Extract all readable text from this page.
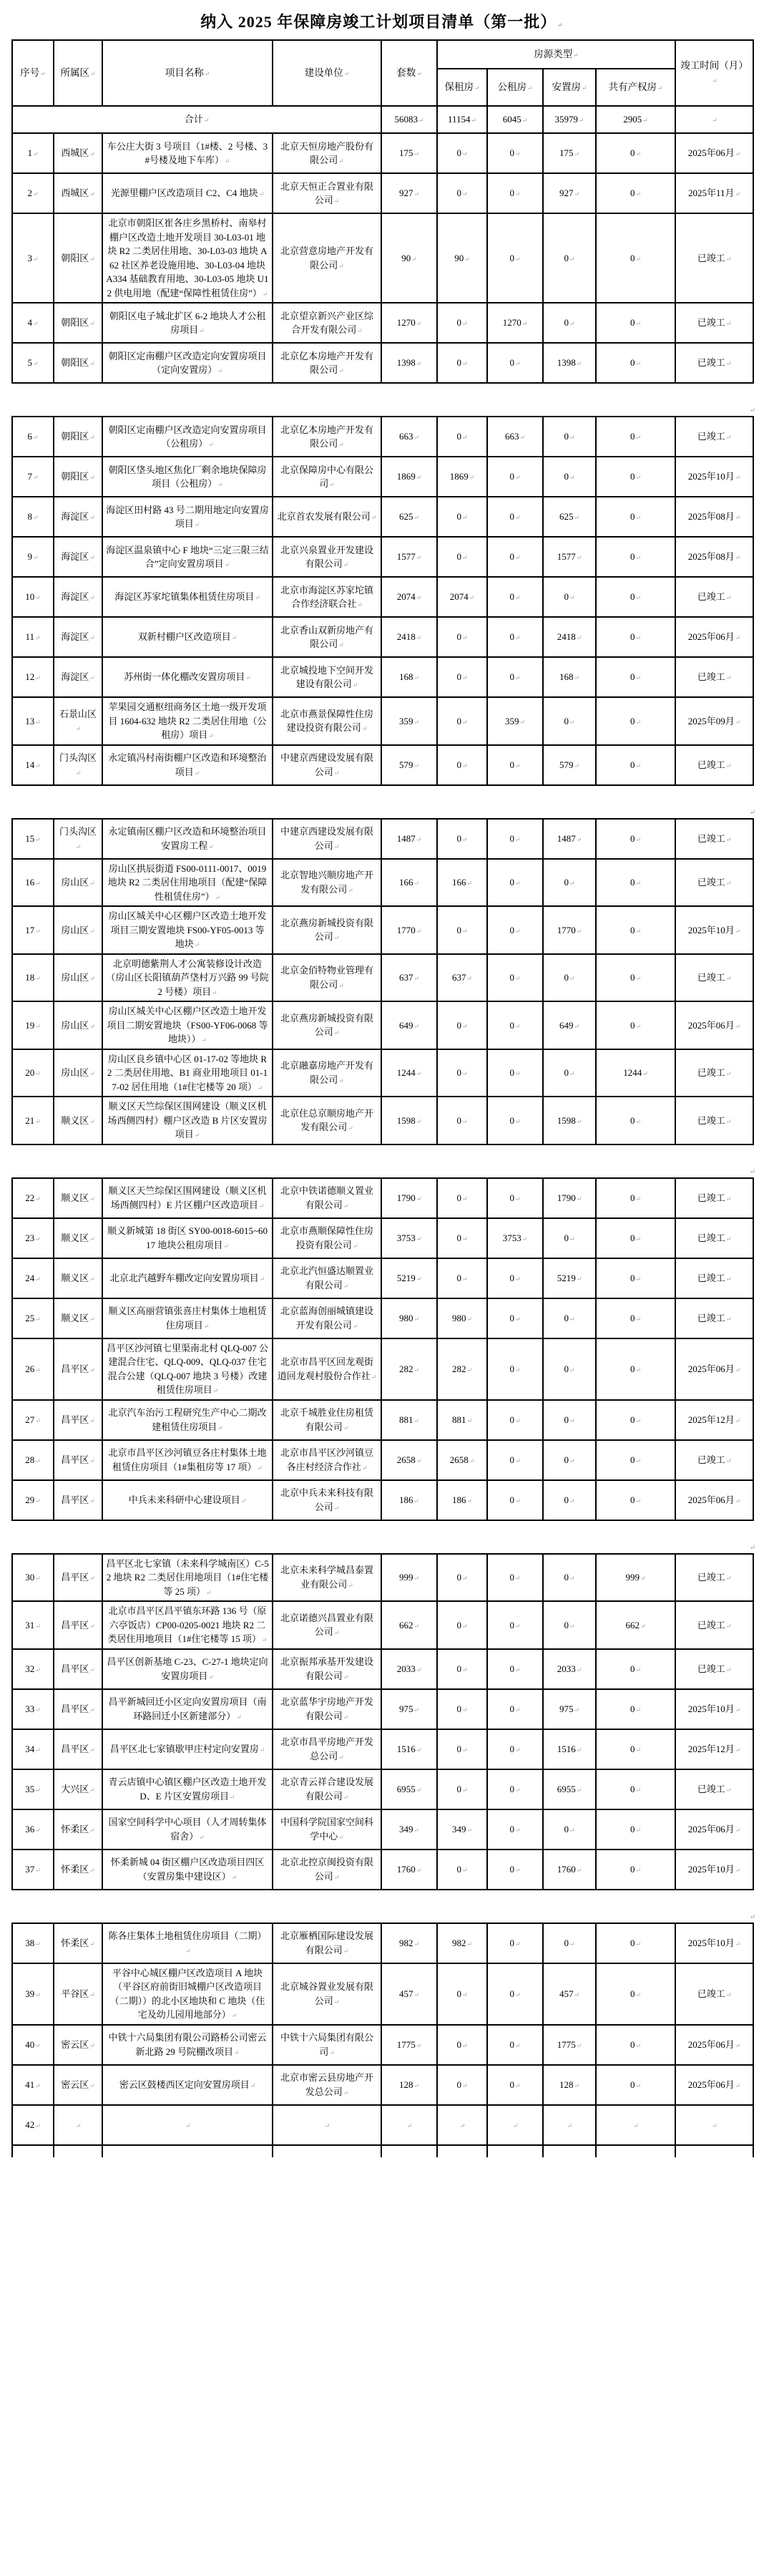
纳入 2025 年保障房竣工计划项目清单（第一批） ↵
序号 ↵	所属区 ↵	项目名称 ↵	建设单位 ↵	套数 ↵	房源类型 ↵				竣工时间（月） ↵
					保租房 ↵	公租房 ↵	安置房 ↵	共有产权房 ↵
合计 ↵				56083 ↵	11154 ↵	6045 ↵	35979 ↵	2905 ↵	↵
1 ↵	西城区 ↵	车公庄大街 3 号项目（1#楼、2 号楼、3#号楼及地下车库） ↵	北京天恒房地产股份有限公司 ↵	175 ↵	0 ↵	0 ↵	175 ↵	0 ↵	2025年06月 ↵
2 ↵	西城区 ↵	光源里棚户区改造项目 C2、C4 地块 ↵	北京天恒正合置业有限公司 ↵	927 ↵	0 ↵	0 ↵	927 ↵	0 ↵	2025年11月 ↵
3 ↵	朝阳区 ↵	北京市朝阳区崔各庄乡黑桥村、南皋村棚户区改造土地开发项目 30-L03-01 地块 R2 二类居住用地、30-L03-03 地块 A62 社区养老设施用地、30-L03-04 地块 A334 基础教育用地、30-L03-05 地块 U12 供电用地（配建“保障性租赁住房”） ↵	北京营意房地产开发有限公司 ↵	90 ↵	90 ↵	0 ↵	0 ↵	0 ↵	已竣工 ↵
4 ↵	朝阳区 ↵	朝阳区电子城北扩区 6-2 地块人才公租房项目 ↵	北京望京新兴产业区综合开发有限公司 ↵	1270 ↵	0 ↵	1270 ↵	0 ↵	0 ↵	已竣工 ↵
5 ↵	朝阳区 ↵	朝阳区定南棚户区改造定向安置房项目（定向安置房） ↵	北京亿本房地产开发有限公司 ↵	1398 ↵	0 ↵	0 ↵	1398 ↵	0 ↵	已竣工 ↵
↵
6 ↵	朝阳区 ↵	朝阳区定南棚户区改造定向安置房项目（公租房） ↵	北京亿本房地产开发有限公司 ↵	663 ↵	0 ↵	663 ↵	0 ↵	0 ↵	已竣工 ↵
7 ↵	朝阳区 ↵	朝阳区垡头地区焦化厂剩余地块保障房项目（公租房） ↵	北京保障房中心有限公司 ↵	1869 ↵	1869 ↵	0 ↵	0 ↵	0 ↵	2025年10月 ↵
8 ↵	海淀区 ↵	海淀区田村路 43 号二期用地定向安置房项目 ↵	北京首农发展有限公司 ↵	625 ↵	0 ↵	0 ↵	625 ↵	0 ↵	2025年08月 ↵
9 ↵	海淀区 ↵	海淀区温泉镇中心 F 地块“三定三限三结合”定向安置房项目 ↵	北京兴泉置业开发建设有限公司 ↵	1577 ↵	0 ↵	0 ↵	1577 ↵	0 ↵	2025年08月 ↵
10 ↵	海淀区 ↵	海淀区苏家坨镇集体租赁住房项目 ↵	北京市海淀区苏家坨镇合作经济联合社 ↵	2074 ↵	2074 ↵	0 ↵	0 ↵	0 ↵	已竣工 ↵
11 ↵	海淀区 ↵	双新村棚户区改造项目 ↵	北京香山双新房地产有限公司 ↵	2418 ↵	0 ↵	0 ↵	2418 ↵	0 ↵	2025年06月 ↵
12 ↵	海淀区 ↵	苏州街一体化棚改安置房项目 ↵	北京城投地下空间开发建设有限公司 ↵	168 ↵	0 ↵	0 ↵	168 ↵	0 ↵	已竣工 ↵
13 ↵	石景山区 ↵	苹果园交通枢纽商务区土地一级开发项目 1604-632 地块 R2 二类居住用地（公租房）项目 ↵	北京市燕景保障性住房建设投资有限公司 ↵	359 ↵	0 ↵	359 ↵	0 ↵	0 ↵	2025年09月 ↵
14 ↵	门头沟区 ↵	永定镇冯村南街棚户区改造和环境整治项目 ↵	中建京西建设发展有限公司 ↵	579 ↵	0 ↵	0 ↵	579 ↵	0 ↵	已竣工 ↵
↵
15 ↵	门头沟区 ↵	永定镇南区棚户区改造和环境整治项目安置房工程 ↵	中建京西建设发展有限公司 ↵	1487 ↵	0 ↵	0 ↵	1487 ↵	0 ↵	已竣工 ↵
16 ↵	房山区 ↵	房山区拱辰街道 FS00-0111-0017、0019 地块 R2 二类居住用地项目（配建“保障性租赁住房”） ↵	北京智地兴顺房地产开发有限公司 ↵	166 ↵	166 ↵	0 ↵	0 ↵	0 ↵	已竣工 ↵
17 ↵	房山区 ↵	房山区城关中心区棚户区改造土地开发项目三期安置地块 FS00-YF05-0013 等地块 ↵	北京燕房新城投资有限公司 ↵	1770 ↵	0 ↵	0 ↵	1770 ↵	0 ↵	2025年10月 ↵
18 ↵	房山区 ↵	北京明德紫荆人才公寓装修设计改造（房山区长阳镇葫芦垡村万兴路 99 号院 2 号楼）项目 ↵	北京金佰特物业管理有限公司 ↵	637 ↵	637 ↵	0 ↵	0 ↵	0 ↵	已竣工 ↵
19 ↵	房山区 ↵	房山区城关中心区棚户区改造土地开发项目二期安置地块（FS00-YF06-0068 等地块）） ↵	北京燕房新城投资有限公司 ↵	649 ↵	0 ↵	0 ↵	649 ↵	0 ↵	2025年06月 ↵
20 ↵	房山区 ↵	房山区良乡镇中心区 01-17-02 等地块 R2 二类居住用地、B1 商业用地项目 01-17-02 居住用地（1#住宅楼等 20 项） ↵	北京融嘉房地产开发有限公司 ↵	1244 ↵	0 ↵	0 ↵	0 ↵	1244 ↵	已竣工 ↵
21 ↵	顺义区 ↵	顺义区天竺综保区围网建设（顺义区机场西侧四村）棚户区改造 B 片区安置房项目 ↵	北京住总京顺房地产开发有限公司 ↵	1598 ↵	0 ↵	0 ↵	1598 ↵	0 ↵	已竣工 ↵
↵
22 ↵	顺义区 ↵	顺义区天竺综保区围网建设（顺义区机场西侧四村）E 片区棚户区改造项目 ↵	北京中铁诺德顺义置业有限公司 ↵	1790 ↵	0 ↵	0 ↵	1790 ↵	0 ↵	已竣工 ↵
23 ↵	顺义区 ↵	顺义新城第 18 街区 SY00-0018-6015~6017 地块公租房项目 ↵	北京市燕顺保障性住房投资有限公司 ↵	3753 ↵	0 ↵	3753 ↵	0 ↵	0 ↵	已竣工 ↵
24 ↵	顺义区 ↵	北京北汽越野车棚改定向安置房项目 ↵	北京北汽恒盛达顺置业有限公司 ↵	5219 ↵	0 ↵	0 ↵	5219 ↵	0 ↵	已竣工 ↵
25 ↵	顺义区 ↵	顺义区高丽营镇张喜庄村集体土地租赁住房项目 ↵	北京蓝海创丽城镇建设开发有限公司 ↵	980 ↵	980 ↵	0 ↵	0 ↵	0 ↵	已竣工 ↵
26 ↵	昌平区 ↵	昌平区沙河镇七里渠南北村 QLQ-007 公建混合住宅、QLQ-009、QLQ-037 住宅混合公建（QLQ-007 地块 3 号楼）改建租赁住房项目 ↵	北京市昌平区回龙观街道回龙观村股份合作社 ↵	282 ↵	282 ↵	0 ↵	0 ↵	0 ↵	2025年06月 ↵
27 ↵	昌平区 ↵	北京汽车治污工程研究生产中心二期改建租赁住房项目 ↵	北京千城胜业住房租赁有限公司 ↵	881 ↵	881 ↵	0 ↵	0 ↵	0 ↵	2025年12月 ↵
28 ↵	昌平区 ↵	北京市昌平区沙河镇豆各庄村集体土地租赁住房项目（1#集租房等 17 项） ↵	北京市昌平区沙河镇豆各庄村经济合作社 ↵	2658 ↵	2658 ↵	0 ↵	0 ↵	0 ↵	已竣工 ↵
29 ↵	昌平区 ↵	中兵未来科研中心建设项目 ↵	北京中兵未来科技有限公司 ↵	186 ↵	186 ↵	0 ↵	0 ↵	0 ↵	2025年06月 ↵
↵
30 ↵	昌平区 ↵	昌平区北七家镇（未来科学城南区）C-52 地块 R2 二类居住用地项目（1#住宅楼等 25 项） ↵	北京未来科学城昌泰置业有限公司 ↵	999 ↵	0 ↵	0 ↵	0 ↵	999 ↵	已竣工 ↵
31 ↵	昌平区 ↵	北京市昌平区昌平镇东环路 136 号（原六亭饭店）CP00-0205-0021 地块 R2 二类居住用地项目（1#住宅楼等 15 项） ↵	北京诺德兴昌置业有限公司 ↵	662 ↵	0 ↵	0 ↵	0 ↵	662 ↵	已竣工 ↵
32 ↵	昌平区 ↵	昌平区创新基地 C-23、C-27-1 地块定向安置房项目 ↵	北京振邦承基开发建设有限公司 ↵	2033 ↵	0 ↵	0 ↵	2033 ↵	0 ↵	已竣工 ↵
33 ↵	昌平区 ↵	昌平新城回迁小区定向安置房项目（南环路回迁小区新建部分） ↵	北京蓝华宇房地产开发有限公司 ↵	975 ↵	0 ↵	0 ↵	975 ↵	0 ↵	2025年10月 ↵
34 ↵	昌平区 ↵	昌平区北七家镇歇甲庄村定向安置房 ↵	北京市昌平房地产开发总公司 ↵	1516 ↵	0 ↵	0 ↵	1516 ↵	0 ↵	2025年12月 ↵
35 ↵	大兴区 ↵	青云店镇中心镇区棚户区改造土地开发 D、E 片区安置房项目 ↵	北京青云祥合建设发展有限公司 ↵	6955 ↵	0 ↵	0 ↵	6955 ↵	0 ↵	已竣工 ↵
36 ↵	怀柔区 ↵	国家空间科学中心项目（人才周转集体宿舍） ↵	中国科学院国家空间科学中心 ↵	349 ↵	349 ↵	0 ↵	0 ↵	0 ↵	2025年06月 ↵
37 ↵	怀柔区 ↵	怀柔新城 04 街区棚户区改造项目四区（安置房集中建设区） ↵	北京北控京闽投资有限公司 ↵	1760 ↵	0 ↵	0 ↵	1760 ↵	0 ↵	2025年10月 ↵
↵
38 ↵	怀柔区 ↵	陈各庄集体土地租赁住房项目（二期） ↵	北京雁栖国际建设发展有限公司 ↵	982 ↵	982 ↵	0 ↵	0 ↵	0 ↵	2025年10月 ↵
39 ↵	平谷区 ↵	平谷中心城区棚户区改造项目 A 地块（平谷区府前街旧城棚户区改造项目（二期））的北小区地块和 C 地块（住宅及幼儿园用地部分） ↵	北京城谷置业发展有限公司 ↵	457 ↵	0 ↵	0 ↵	457 ↵	0 ↵	已竣工 ↵
40 ↵	密云区 ↵	中铁十六局集团有限公司路桥公司密云新北路 29 号院棚改项目 ↵	中铁十六局集团有限公司 ↵	1775 ↵	0 ↵	0 ↵	1775 ↵	0 ↵	2025年06月 ↵
41 ↵	密云区 ↵	密云区鼓楼西区定向安置房项目 ↵	北京市密云县房地产开发总公司 ↵	128 ↵	0 ↵	0 ↵	128 ↵	0 ↵	2025年06月 ↵
42 ↵	↵	↵	↵	↵	↵	↵	↵	↵	↵
